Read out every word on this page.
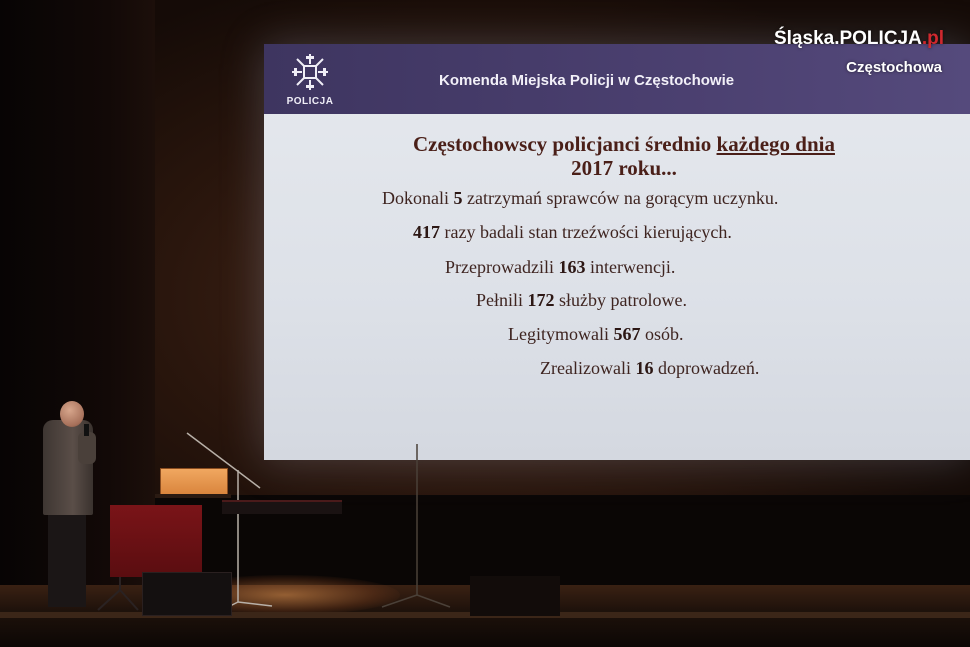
POLICJA
Komenda Miejska Policji w Częstochowie
Częstochowscy policjanci średnio każdego dnia
2017 roku...
Dokonali 5 zatrzymań sprawców na gorącym uczynku.
417 razy badali stan trzeźwości kierujących.
Przeprowadzili 163 interwencji.
Pełnili 172 służby patrolowe.
Legitymowali 567 osób.
Zrealizowali 16 doprowadzeń.
Śląska.POLICJA.pl
Częstochowa
